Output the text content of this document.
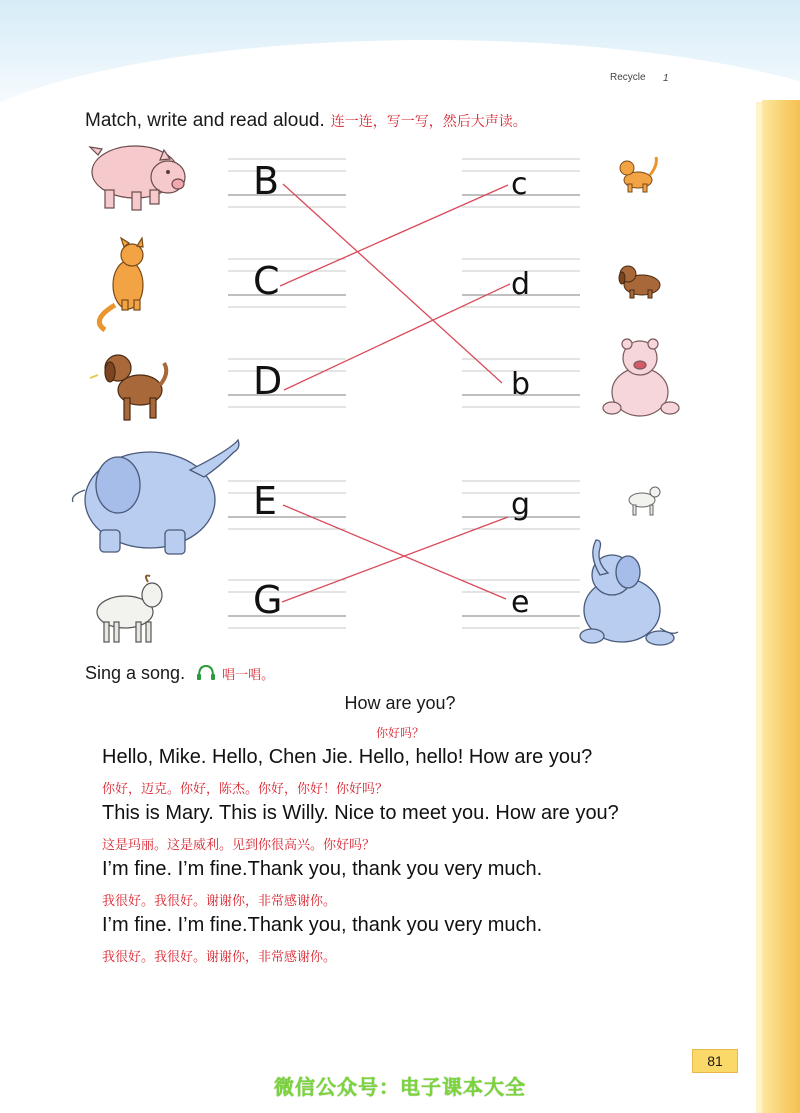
Recycle 1
Match, write and read aloud. 连一连，写一写，然后大声读。
B
C
D
E
G
c
d
b
g
e
Sing a song.	唱一唱。
How are you?
你好吗？
Hello, Mike. Hello, Chen Jie. Hello, hello! How are you?
你好，迈克。你好，陈杰。你好，你好！你好吗？
This is Mary. This is Willy. Nice to meet you. How are you?
这是玛丽。这是威利。见到你很高兴。你好吗？
I’m fine. I’m fine.Thank you, thank you very much.
我很好。我很好。谢谢你，非常感谢你。
I’m fine. I’m fine.Thank you, thank you very much.
我很好。我很好。谢谢你，非常感谢你。
81
微信公众号：电子课本大全
